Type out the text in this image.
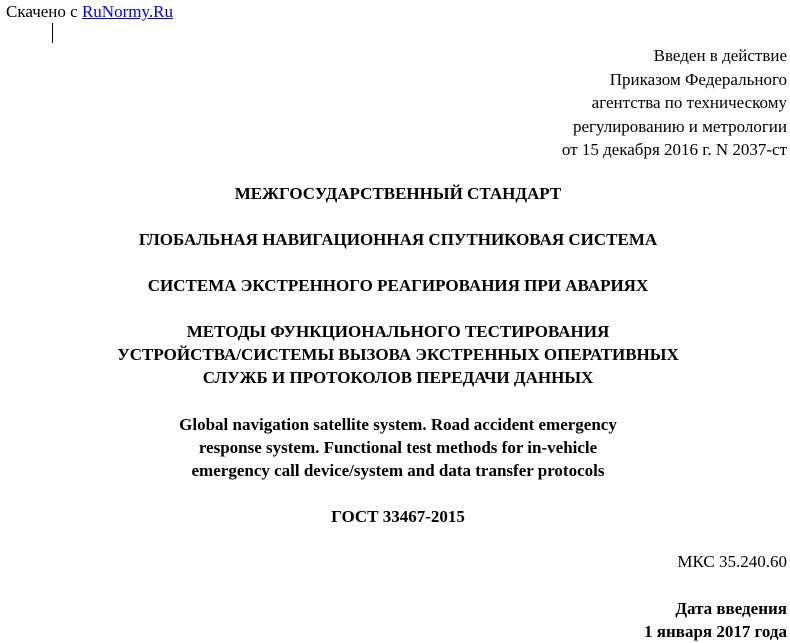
Скачено с RuNormy.Ru
Введен в действие
Приказом Федерального
агентства по техническому
регулированию и метрологии
от 15 декабря 2016 г. N 2037-ст
МЕЖГОСУДАРСТВЕННЫЙ СТАНДАРТ
ГЛОБАЛЬНАЯ НАВИГАЦИОННАЯ СПУТНИКОВАЯ СИСТЕМА
СИСТЕМА ЭКСТРЕННОГО РЕАГИРОВАНИЯ ПРИ АВАРИЯХ
МЕТОДЫ ФУНКЦИОНАЛЬНОГО ТЕСТИРОВАНИЯ
УСТРОЙСТВА/СИСТЕМЫ ВЫЗОВА ЭКСТРЕННЫХ ОПЕРАТИВНЫХ
СЛУЖБ И ПРОТОКОЛОВ ПЕРЕДАЧИ ДАННЫХ
Global navigation satellite system. Road accident emergency
response system. Functional test methods for in-vehicle
emergency call device/system and data transfer protocols
ГОСТ 33467-2015
МКС 35.240.60
Дата введения
1 января 2017 года
